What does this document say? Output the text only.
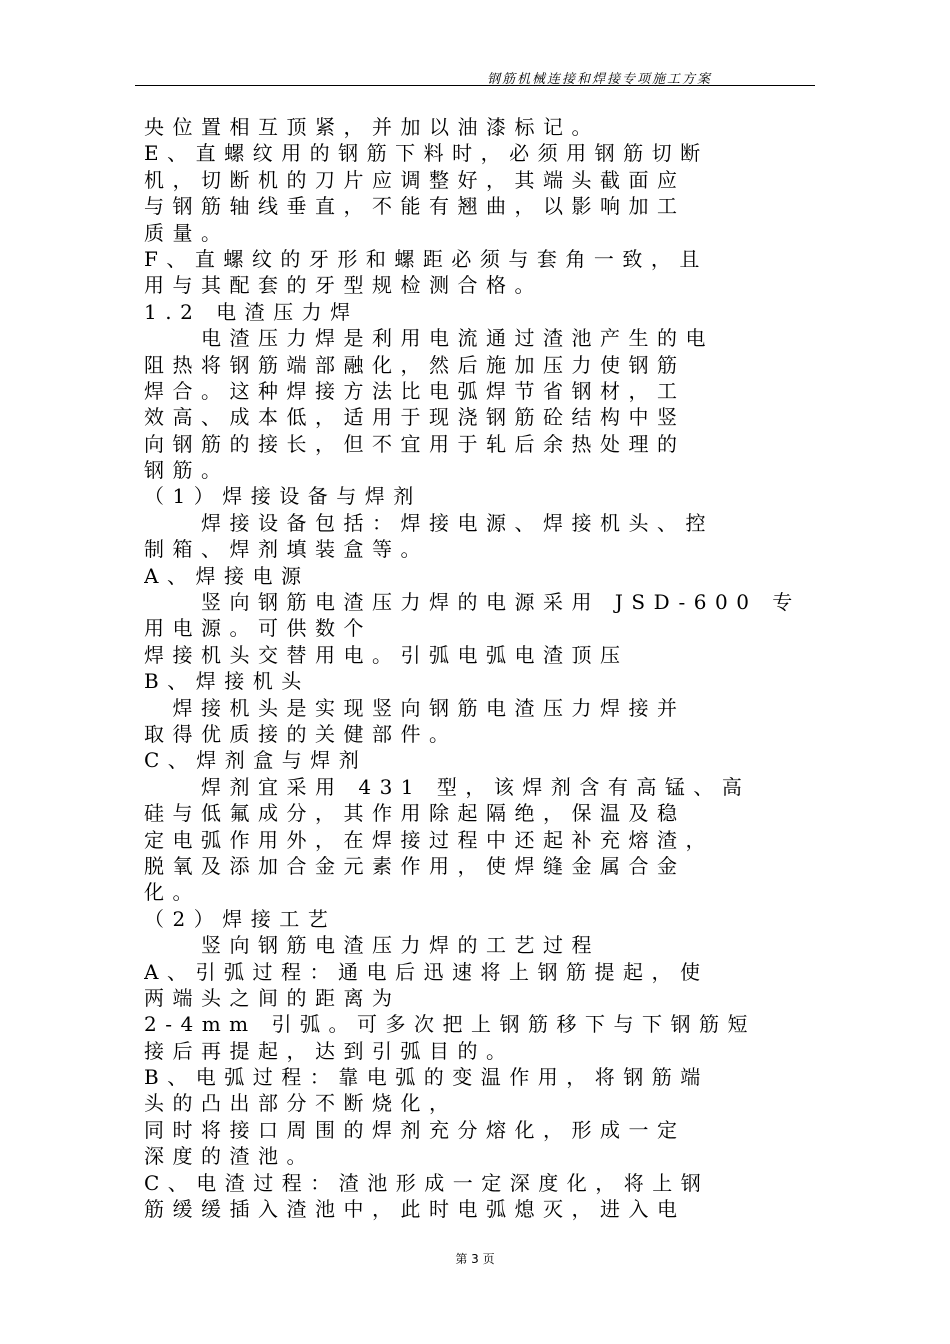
钢筋机械连接和焊接专项施工方案
央位置相互顶紧，并加以油漆标记。
E、直螺纹用的钢筋下料时，必须用钢筋切断
机，切断机的刀片应调整好，其端头截面应
与钢筋轴线垂直，不能有翘曲，以影响加工
质量。
F、直螺纹的牙形和螺距必须与套角一致，且
用与其配套的牙型规检测合格。
1.2 电渣压力焊
　　电渣压力焊是利用电流通过渣池产生的电
阻热将钢筋端部融化，然后施加压力使钢筋
焊合。这种焊接方法比电弧焊节省钢材，工
效高、成本低，适用于现浇钢筋砼结构中竖
向钢筋的接长，但不宜用于轧后余热处理的
钢筋。
（1）焊接设备与焊剂
　　焊接设备包括：焊接电源、焊接机头、控
制箱、焊剂填装盒等。
A、焊接电源
　　竖向钢筋电渣压力焊的电源采用 JSD-600 专
用电源。可供数个
焊接机头交替用电。引弧电弧电渣顶压
B、焊接机头
　焊接机头是实现竖向钢筋电渣压力焊接并
取得优质接的关健部件。
C、焊剂盒与焊剂
　　焊剂宜采用 431 型，该焊剂含有高锰、高
硅与低氟成分，其作用除起隔绝，保温及稳
定电弧作用外，在焊接过程中还起补充熔渣，
脱氧及添加合金元素作用，使焊缝金属合金
化。
（2）焊接工艺
　　竖向钢筋电渣压力焊的工艺过程
A、引弧过程：通电后迅速将上钢筋提起，使
两端头之间的距离为
2-4mm 引弧。可多次把上钢筋移下与下钢筋短
接后再提起，达到引弧目的。
B、电弧过程：靠电弧的变温作用，将钢筋端
头的凸出部分不断烧化，
同时将接口周围的焊剂充分熔化，形成一定
深度的渣池。
C、电渣过程：渣池形成一定深度化，将上钢
筋缓缓插入渣池中，此时电弧熄灭，进入电
第 3 页
